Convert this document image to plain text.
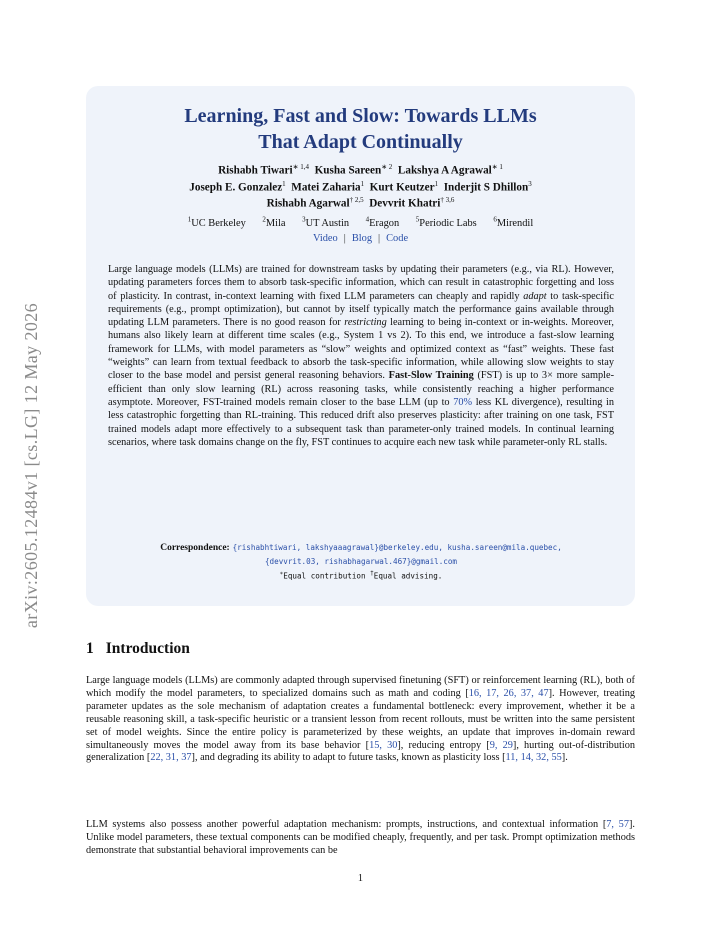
arXiv:2605.12484v1 [cs.LG] 12 May 2026
Learning, Fast and Slow: Towards LLMs
That Adapt Continually
Rishabh Tiwari$^{∗ 1,4}$ Kusha Sareen$^{∗ 2}$ Lakshya A Agrawal$^{∗ 1}$
Joseph E. Gonzalez$^1$ Matei Zaharia$^1$ Kurt Keutzer$^1$ Inderjit S Dhillon$^3$
Rishabh Agarwal$^{\dagger 2,5}$ Devvrit Khatri$^{\dagger 3,6}$
$^1$UC Berkeley $^2$Mila $^3$UT Austin $^4$Eragon $^5$Periodic Labs $^6$Mirendil
Video | Blog | Code

Large language models (LLMs) are trained for downstream tasks by updating their parameters (e.g., via RL). However, updating parameters forces them to absorb task-specific information, which can result in catastrophic forgetting and loss of plasticity. In contrast, in-context learning with fixed LLM parameters can cheaply and rapidly adapt to task-specific requirements (e.g., prompt optimization), but cannot by itself typically match the performance gains available through updating LLM parameters. There is no good reason for restricting learning to being in-context or in-weights. Moreover, humans also likely learn at different time scales (e.g., System 1 vs 2). To this end, we introduce a fast-slow learning framework for LLMs, with model parameters as “slow” weights and optimized context as “fast” weights. These fast “weights” can learn from textual feedback to absorb the task-specific information, while allowing slow weights to stay closer to the base model and persist general reasoning behaviors. Fast-Slow Training (FST) is up to 3× more sample-efficient than only slow learning (RL) across reasoning tasks, while consistently reaching a higher performance asymptote. Moreover, FST-trained models remain closer to the base LLM (up to 70% less KL divergence), resulting in less catastrophic forgetting than RL-training. This reduced drift also preserves plasticity: after training on one task, FST trained models adapt more effectively to a subsequent task than parameter-only trained models. In continual learning scenarios, where task domains change on the fly, FST continues to acquire each new task while parameter-only RL stalls.

Correspondence: {rishabhtiwari, lakshyaaagrawal}@berkeley.edu, kusha.sareen@mila.quebec,
{devvrit.03, rishabhagarwal.467}@gmail.com
∗Equal contribution †Equal advising.
1 Introduction

Large language models (LLMs) are commonly adapted through supervised finetuning (SFT) or reinforcement learning (RL), both of which modify the model parameters, to specialized domains such as math and coding [16, 17, 26, 37, 47]. However, treating parameter updates as the sole mechanism of adaptation creates a fundamental bottleneck: every improvement, whether it be a reusable reasoning skill, a task-specific heuristic or a transient lesson from recent rollouts, must be written into the same persistent set of model weights. Since the entire policy is parameterized by these weights, an update that improves in-domain reward simultaneously moves the model away from its base behavior [15, 30], reducing entropy [9, 29], hurting out-of-distribution generalization [22, 31, 37], and degrading its ability to adapt to future tasks, known as plasticity loss [11, 14, 32, 55].

LLM systems also possess another powerful adaptation mechanism: prompts, instructions, and contextual information [7, 57]. Unlike model parameters, these textual components can be modified cheaply, frequently, and per task. Prompt optimization methods demonstrate that substantial behavioral improvements can be

1
